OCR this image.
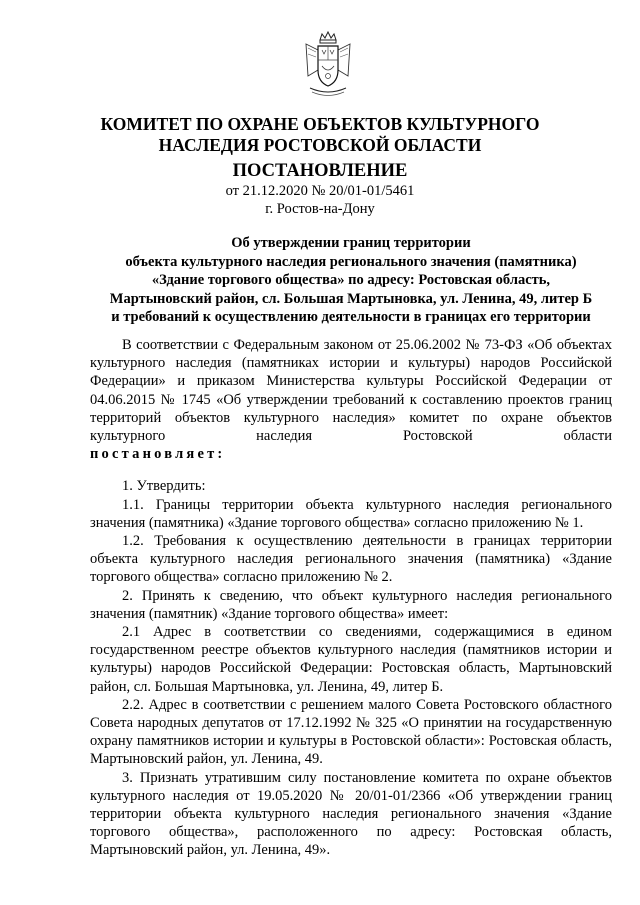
КОМИТЕТ ПО ОХРАНЕ ОБЪЕКТОВ КУЛЬТУРНОГО
НАСЛЕДИЯ РОСТОВСКОЙ ОБЛАСТИ
ПОСТАНОВЛЕНИЕ
от 21.12.2020 № 20/01-01/5461
г. Ростов-на-Дону
Об утверждении границ территории
объекта культурного наследия регионального значения (памятника)
«Здание торгового общества» по адресу: Ростовская область,
Мартыновский район, сл. Большая Мартыновка, ул. Ленина, 49, литер Б
и требований к осуществлению деятельности в границах его территории

В соответствии с Федеральным законом от 25.06.2002 № 73-ФЗ «Об объектах культурного наследия (памятниках истории и культуры) народов Российской Федерации» и приказом Министерства культуры Российской Федерации от 04.06.2015 № 1745 «Об утверждении требований к составлению проектов границ территорий объектов культурного наследия» комитет по охране объектов культурного наследия Ростовской области

постановляет:

1. Утвердить:

1.1. Границы территории объекта культурного наследия регионального значения (памятника) «Здание торгового общества» согласно приложению № 1.

1.2. Требования к осуществлению деятельности в границах территории объекта культурного наследия регионального значения (памятника) «Здание торгового общества» согласно приложению № 2.

2. Принять к сведению, что объект культурного наследия регионального значения (памятник) «Здание торгового общества» имеет:

2.1 Адрес в соответствии со сведениями, содержащимися в едином государственном реестре объектов культурного наследия (памятников истории и культуры) народов Российской Федерации: Ростовская область, Мартыновский район, сл. Большая Мартыновка, ул. Ленина, 49, литер Б.

2.2. Адрес в соответствии с решением малого Совета Ростовского областного Совета народных депутатов от 17.12.1992 № 325 «О принятии на государственную охрану памятников истории и культуры в Ростовской области»: Ростовская область, Мартыновский район, ул. Ленина, 49.

3. Признать утратившим силу постановление комитета по охране объектов культурного наследия от 19.05.2020 № 20/01-01/2366 «Об утверждении границ территории объекта культурного наследия регионального значения «Здание торгового общества», расположенного по адресу: Ростовская область, Мартыновский район, ул. Ленина, 49».
